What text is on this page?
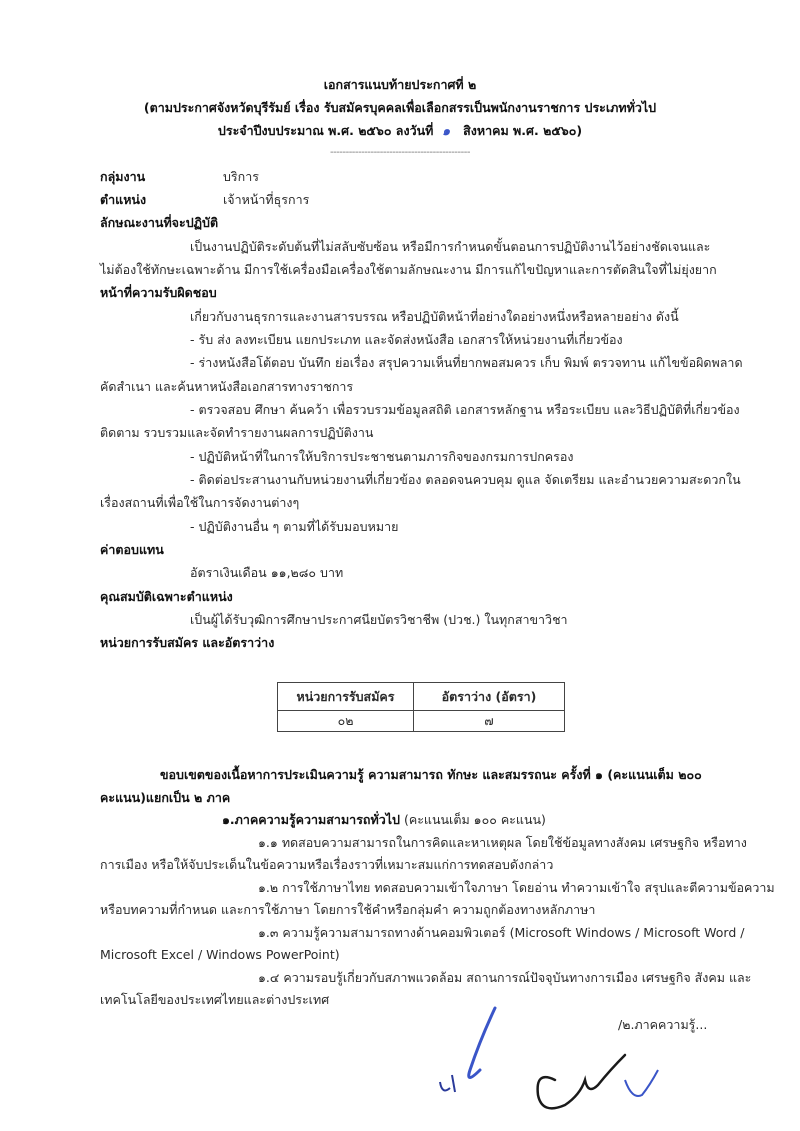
เอกสารแนบท้ายประกาศที่ ๒
(ตามประกาศจังหวัดบุรีรัมย์ เรื่อง รับสมัครบุคคลเพื่อเลือกสรรเป็นพนักงานราชการ ประเภททั่วไป
ประจำปีงบประมาณ พ.ศ. ๒๕๖๐ ลงวันที่ ๑ สิงหาคม พ.ศ. ๒๕๖๐)
---------------------------------------------
กลุ่มงาน	บริการ
ตำแหน่ง	เจ้าหน้าที่ธุรการ
ลักษณะงานที่จะปฏิบัติ
เป็นงานปฏิบัติระดับต้นที่ไม่สลับซับซ้อน หรือมีการกำหนดขั้นตอนการปฏิบัติงานไว้อย่างชัดเจนและ
ไม่ต้องใช้ทักษะเฉพาะด้าน มีการใช้เครื่องมือเครื่องใช้ตามลักษณะงาน มีการแก้ไขปัญหาและการตัดสินใจที่ไม่ยุ่งยาก
หน้าที่ความรับผิดชอบ
เกี่ยวกับงานธุรการและงานสารบรรณ หรือปฏิบัติหน้าที่อย่างใดอย่างหนึ่งหรือหลายอย่าง ดังนี้
- รับ ส่ง ลงทะเบียน แยกประเภท และจัดส่งหนังสือ เอกสารให้หน่วยงานที่เกี่ยวข้อง
- ร่างหนังสือโต้ตอบ บันทึก ย่อเรื่อง สรุปความเห็นที่ยากพอสมควร เก็บ พิมพ์ ตรวจทาน แก้ไขข้อผิดพลาด
คัดสำเนา และค้นหาหนังสือเอกสารทางราชการ
- ตรวจสอบ ศึกษา ค้นคว้า เพื่อรวบรวมข้อมูลสถิติ เอกสารหลักฐาน หรือระเบียบ และวิธีปฏิบัติที่เกี่ยวข้อง
ติดตาม รวบรวมและจัดทำรายงานผลการปฏิบัติงาน
- ปฏิบัติหน้าที่ในการให้บริการประชาชนตามภารกิจของกรมการปกครอง
- ติดต่อประสานงานกับหน่วยงานที่เกี่ยวข้อง ตลอดจนควบคุม ดูแล จัดเตรียม และอำนวยความสะดวกใน
เรื่องสถานที่เพื่อใช้ในการจัดงานต่างๆ
- ปฏิบัติงานอื่น ๆ ตามที่ได้รับมอบหมาย
ค่าตอบแทน
อัตราเงินเดือน ๑๑,๒๘๐ บาท
คุณสมบัติเฉพาะตำแหน่ง
เป็นผู้ได้รับวุฒิการศึกษาประกาศนียบัตรวิชาชีพ (ปวช.) ในทุกสาขาวิชา
หน่วยการรับสมัคร และอัตราว่าง
หน่วยการรับสมัคร	อัตราว่าง (อัตรา)
๐๒	๗
ขอบเขตของเนื้อหาการประเมินความรู้ ความสามารถ ทักษะ และสมรรถนะ ครั้งที่ ๑ (คะแนนเต็ม ๒๐๐
คะแนน)แยกเป็น ๒ ภาค
๑.ภาคความรู้ความสามารถทั่วไป (คะแนนเต็ม ๑๐๐ คะแนน)
๑.๑ ทดสอบความสามารถในการคิดและหาเหตุผล โดยใช้ข้อมูลทางสังคม เศรษฐกิจ หรือทาง
การเมือง หรือให้จับประเด็นในข้อความหรือเรื่องราวที่เหมาะสมแก่การทดสอบดังกล่าว
๑.๒ การใช้ภาษาไทย ทดสอบความเข้าใจภาษา โดยอ่าน ทำความเข้าใจ สรุปและตีความข้อความ
หรือบทความที่กำหนด และการใช้ภาษา โดยการใช้คำหรือกลุ่มคำ ความถูกต้องทางหลักภาษา
๑.๓ ความรู้ความสามารถทางด้านคอมพิวเตอร์ (Microsoft Windows / Microsoft Word /
Microsoft Excel / Windows PowerPoint)
๑.๔ ความรอบรู้เกี่ยวกับสภาพแวดล้อม สถานการณ์ปัจจุบันทางการเมือง เศรษฐกิจ สังคม และ
เทคโนโลยีของประเทศไทยและต่างประเทศ
/๒.ภาคความรู้...
